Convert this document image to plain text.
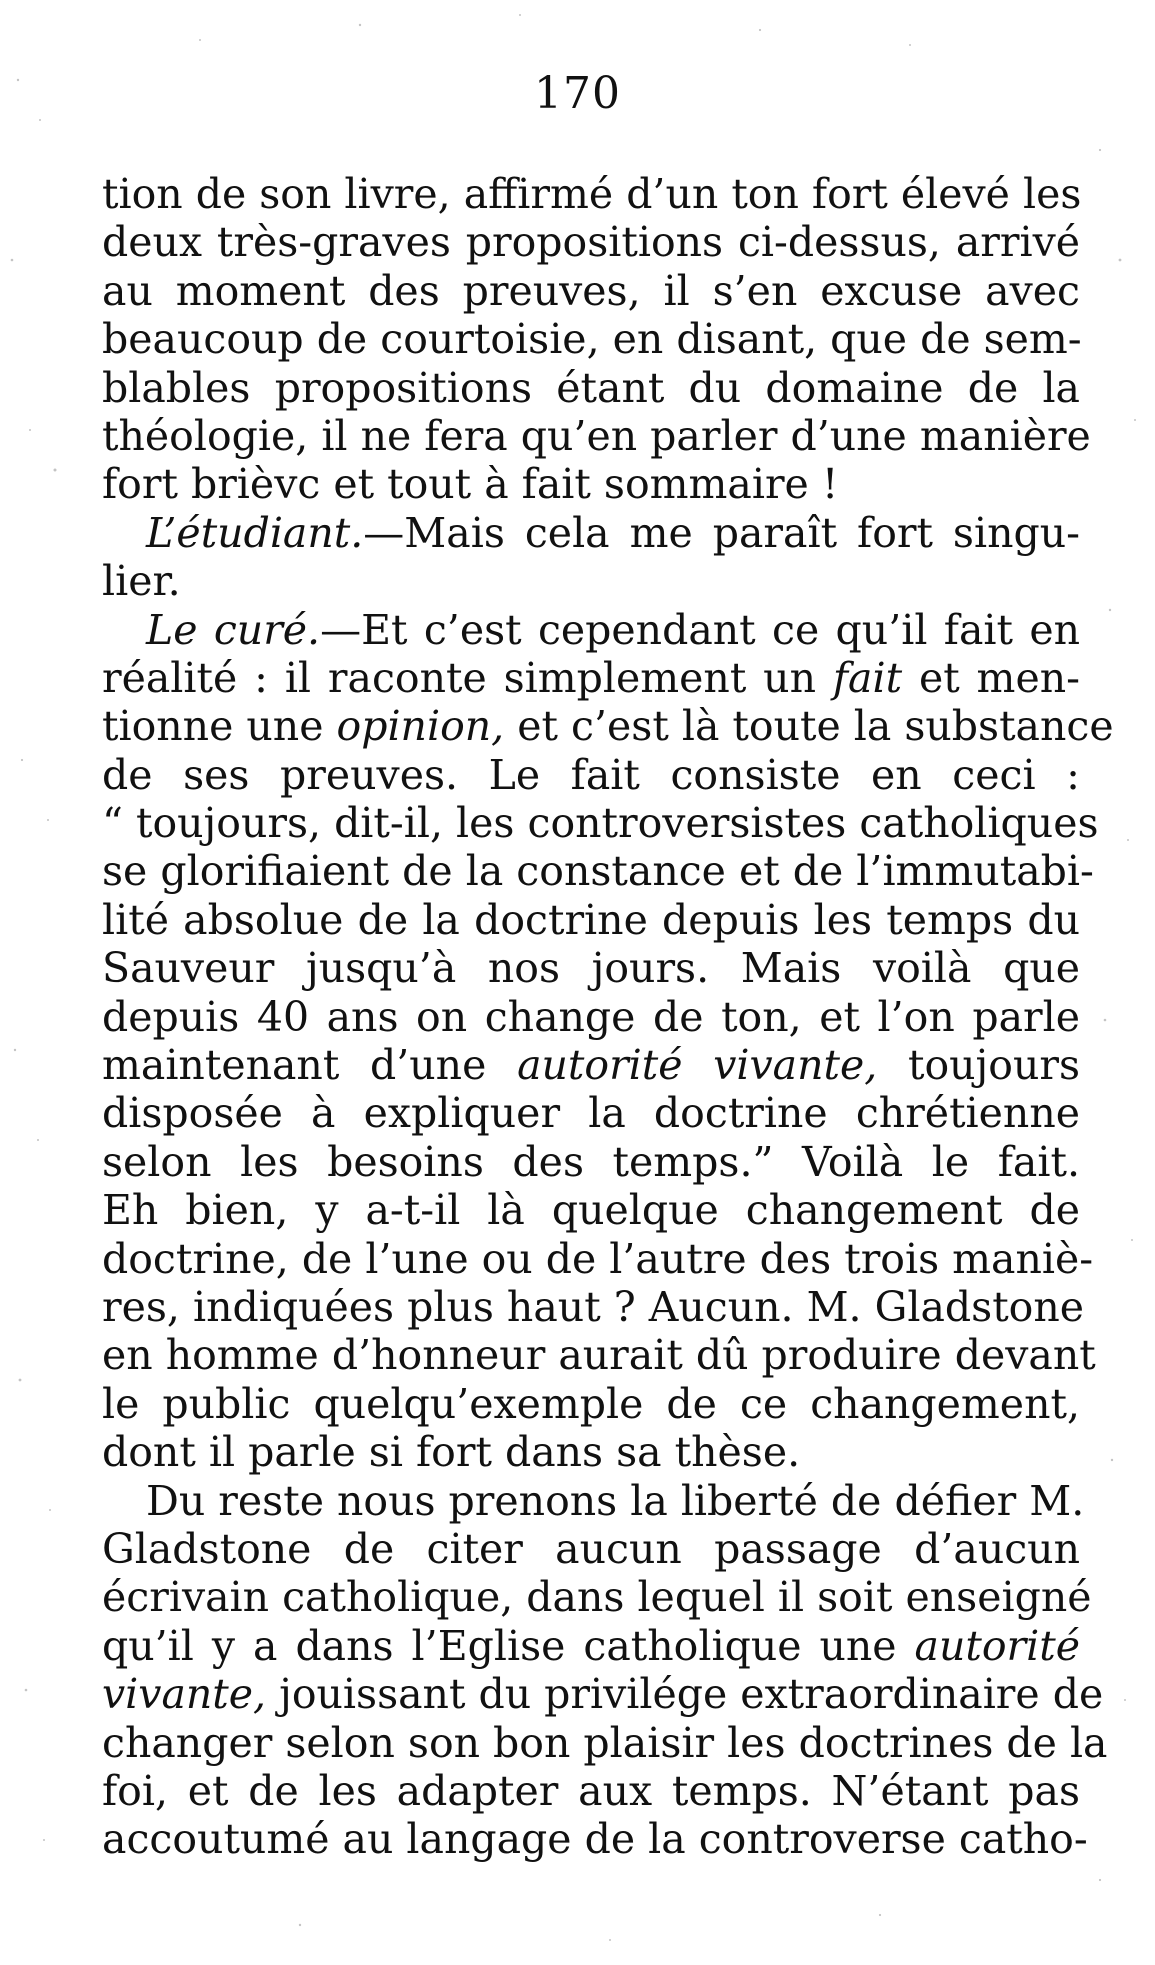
170
tion de son livre, affirmé d’un ton fort élevé les
deux très-graves propositions ci-dessus, arrivé
au moment des preuves, il s’en excuse avec
beaucoup de courtoisie, en disant, que de sem-
blables propositions étant du domaine de la
théologie, il ne fera qu’en parler d’une manière
fort brièvc et tout à fait sommaire !
L’étudiant.—Mais cela me paraît fort singu-
lier.
Le curé.—Et c’est cependant ce qu’il fait en
réalité : il raconte simplement un fait et men-
tionne une opinion, et c’est là toute la substance
de ses preuves. Le fait consiste en ceci :
“ toujours, dit-il, les controversistes catholiques
se glorifiaient de la constance et de l’immutabi-
lité absolue de la doctrine depuis les temps du
Sauveur jusqu’à nos jours. Mais voilà que
depuis 40 ans on change de ton, et l’on parle
maintenant d’une autorité vivante, toujours
disposée à expliquer la doctrine chrétienne
selon les besoins des temps.” Voilà le fait.
Eh bien, y a-t-il là quelque changement de
doctrine, de l’une ou de l’autre des trois maniè-
res, indiquées plus haut ? Aucun. M. Gladstone
en homme d’honneur aurait dû produire devant
le public quelqu’exemple de ce changement,
dont il parle si fort dans sa thèse.
Du reste nous prenons la liberté de défier M.
Gladstone de citer aucun passage d’aucun
écrivain catholique, dans lequel il soit enseigné
qu’il y a dans l’Eglise catholique une autorité
vivante, jouissant du privilége extraordinaire de
changer selon son bon plaisir les doctrines de la
foi, et de les adapter aux temps. N’étant pas
accoutumé au langage de la controverse catho-
